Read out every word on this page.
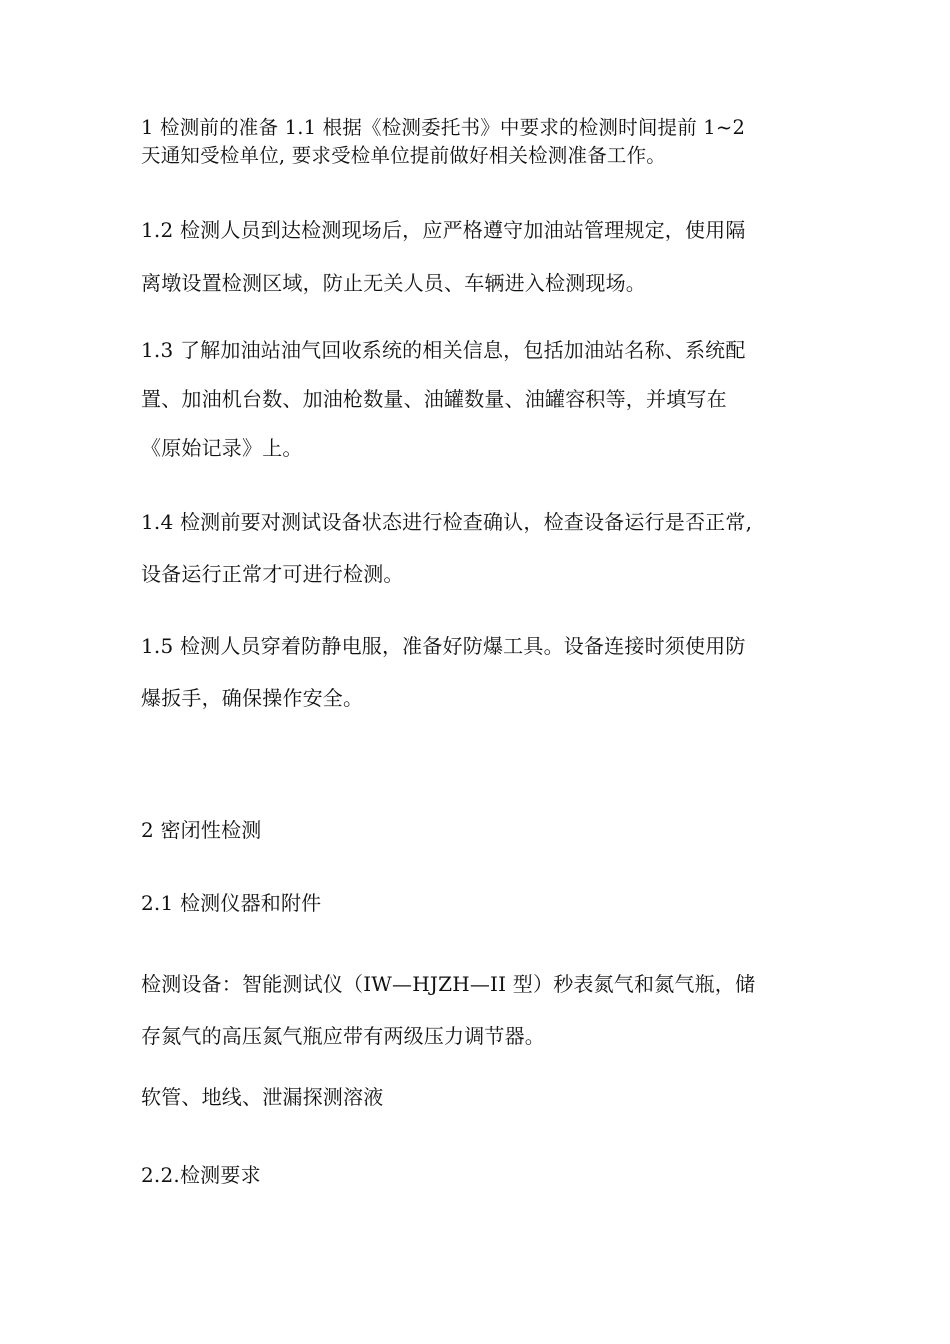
1 检测前的准备 1.1 根据《检测委托书》中要求的检测时间提前 1~2
天通知受检单位, 要求受检单位提前做好相关检测准备工作。

1.2 检测人员到达检测现场后，应严格遵守加油站管理规定，使用隔
离墩设置检测区域，防止无关人员、车辆进入检测现场。

1.3 了解加油站油气回收系统的相关信息，包括加油站名称、系统配
置、加油机台数、加油枪数量、油罐数量、油罐容积等，并填写在
《原始记录》上。

1.4 检测前要对测试设备状态进行检查确认，检查设备运行是否正常,
设备运行正常才可进行检测。

1.5 检测人员穿着防静电服，准备好防爆工具。设备连接时须使用防
爆扳手，确保操作安全。

2 密闭性检测

2.1 检测仪器和附件

检测设备：智能测试仪（IW—HJZH—II 型）秒表氮气和氮气瓶，储
存氮气的高压氮气瓶应带有两级压力调节器。

软管、地线、泄漏探测溶液

2.2.检测要求
